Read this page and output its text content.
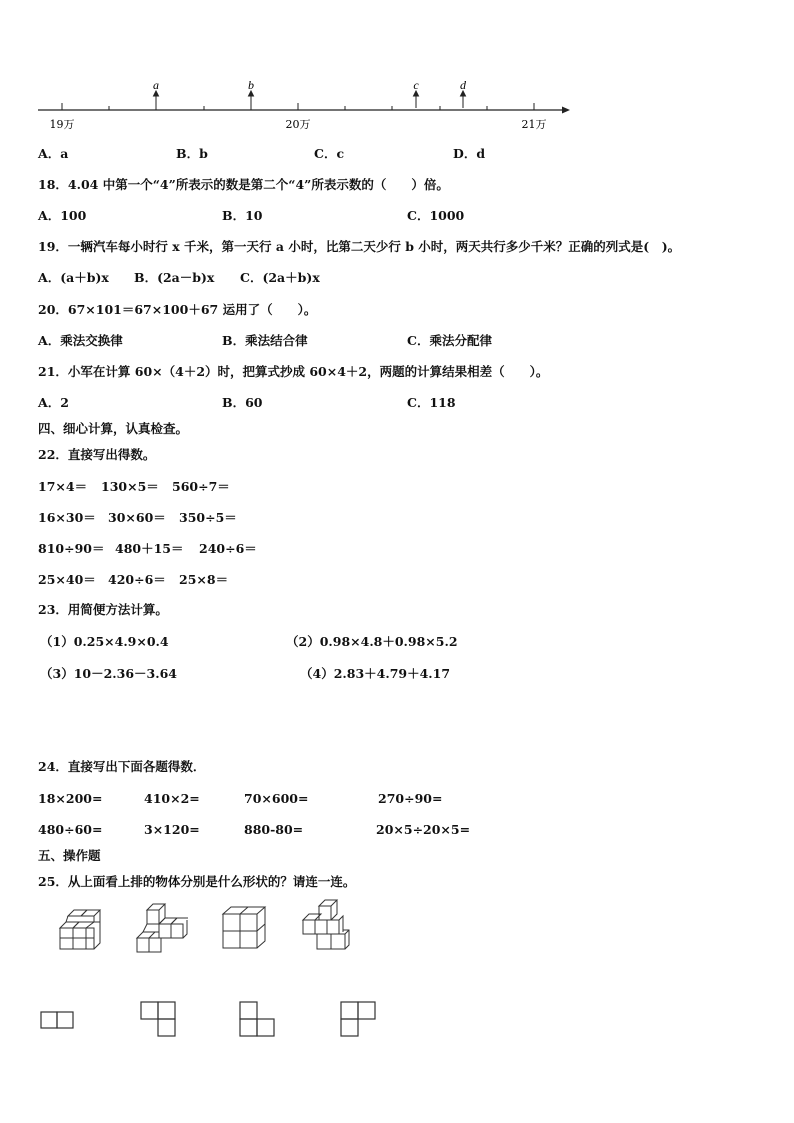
a	b	c	d
19万	20万	21万
A．a	B．b	C．c	D．d
18．4.04 中第一个“4”所表示的数是第二个“4”所表示数的（　　）倍。
A．100	B．10	C．1000
19．一辆汽车每小时行 x 千米，第一天行 a 小时，比第二天少行 b 小时，两天共行多少千米？正确的列式是(　)。
A．(a＋b)x B．(2a－b)x C．(2a＋b)x
20．67×101＝67×100＋67 运用了（　　）。
A．乘法交换律	B．乘法结合律	C．乘法分配律
21．小军在计算 60×（4＋2）时，把算式抄成 60×4＋2，两题的计算结果相差（　　）。
A．2	B．60	C．118
四、细心计算，认真检查。
22．直接写出得数。
17×4＝ 130×5＝ 560÷7＝
16×30＝ 30×60＝ 350÷5＝
810÷90＝ 480＋15＝ 240÷6＝
25×40＝ 420÷6＝ 25×8＝
23．用简便方法计算。
（1）0.25×4.9×0.4	（2）0.98×4.8＋0.98×5.2
（3）10－2.36－3.64	（4）2.83＋4.79＋4.17
24．直接写出下面各题得数．
18×200=	410×2=	70×600=	270÷90=
480÷60=	3×120=	880-80=	20×5÷20×5=
五、操作题
25．从上面看上排的物体分别是什么形状的？请连一连。
